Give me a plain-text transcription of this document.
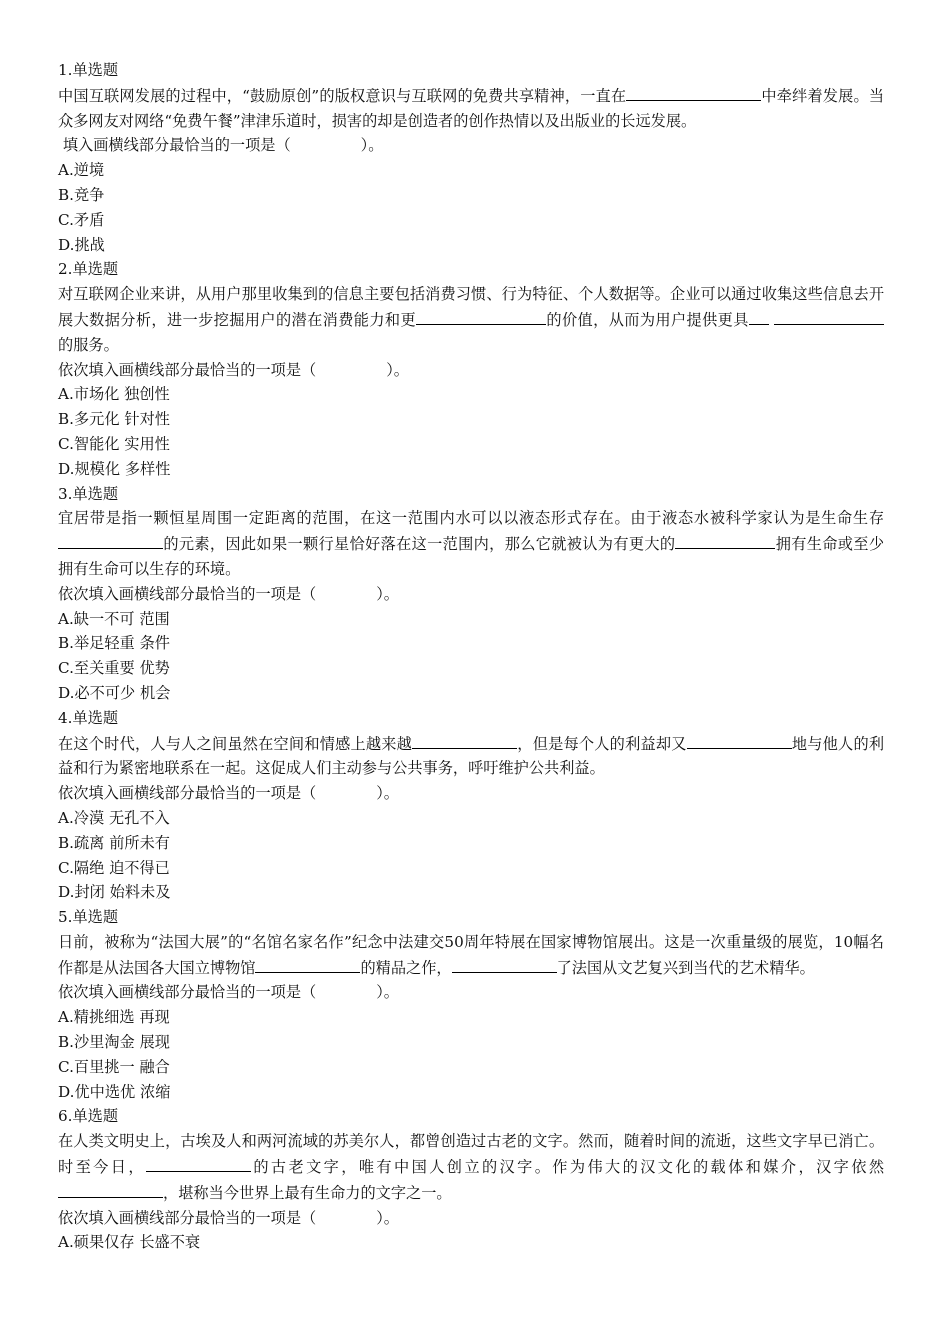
1.单选题
中国互联网发展的过程中，“鼓励原创”的版权意识与互联网的免费共享精神，一直在	中牵绊着发展。当众多网友对网络“免费午餐”津津乐道时，损害的却是创造者的创作热情以及出版业的长远发展。
填入画横线部分最恰当的一项是（	）。
A.逆境
B.竞争
C.矛盾
D.挑战
2.单选题
对互联网企业来讲，从用户那里收集到的信息主要包括消费习惯、行为特征、个人数据等。企业可以通过收集这些信息去开展大数据分析，进一步挖掘用户的潜在消费能力和更	的价值，从而为用户提供更具 的服务。
依次填入画横线部分最恰当的一项是（	）。
A.市场化 独创性
B.多元化 针对性
C.智能化 实用性
D.规模化 多样性
3.单选题
宜居带是指一颗恒星周围一定距离的范围，在这一范围内水可以以液态形式存在。由于液态水被科学家认为是生命生存的元素，因此如果一颗行星恰好落在这一范围内，那么它就被认为有更大的	拥有生命或至少拥有生命可以生存的环境。
依次填入画横线部分最恰当的一项是（	）。
A.缺一不可 范围
B.举足轻重 条件
C.至关重要 优势
D.必不可少 机会
4.单选题
在这个时代，人与人之间虽然在空间和情感上越来越	，但是每个人的利益却又	地与他人的利益和行为紧密地联系在一起。这促成人们主动参与公共事务，呼吁维护公共利益。
依次填入画横线部分最恰当的一项是（	）。
A.冷漠 无孔不入
B.疏离 前所未有
C.隔绝 迫不得已
D.封闭 始料未及
5.单选题
日前，被称为“法国大展”的“名馆名家名作”纪念中法建交50周年特展在国家博物馆展出。这是一次重量级的展览，10幅名作都是从法国各大国立博物馆	的精品之作，	了法国从文艺复兴到当代的艺术精华。
依次填入画横线部分最恰当的一项是（	）。
A.精挑细选 再现
B.沙里淘金 展现
C.百里挑一 融合
D.优中选优 浓缩
6.单选题
在人类文明史上，古埃及人和两河流域的苏美尔人，都曾创造过古老的文字。然而，随着时间的流逝，这些文字早已消亡。时至今日，	的古老文字，唯有中国人创立的汉字。作为伟大的汉文化的载体和媒介，汉字依然，堪称当今世界上最有生命力的文字之一。
依次填入画横线部分最恰当的一项是（	）。
A.硕果仅存 长盛不衰
